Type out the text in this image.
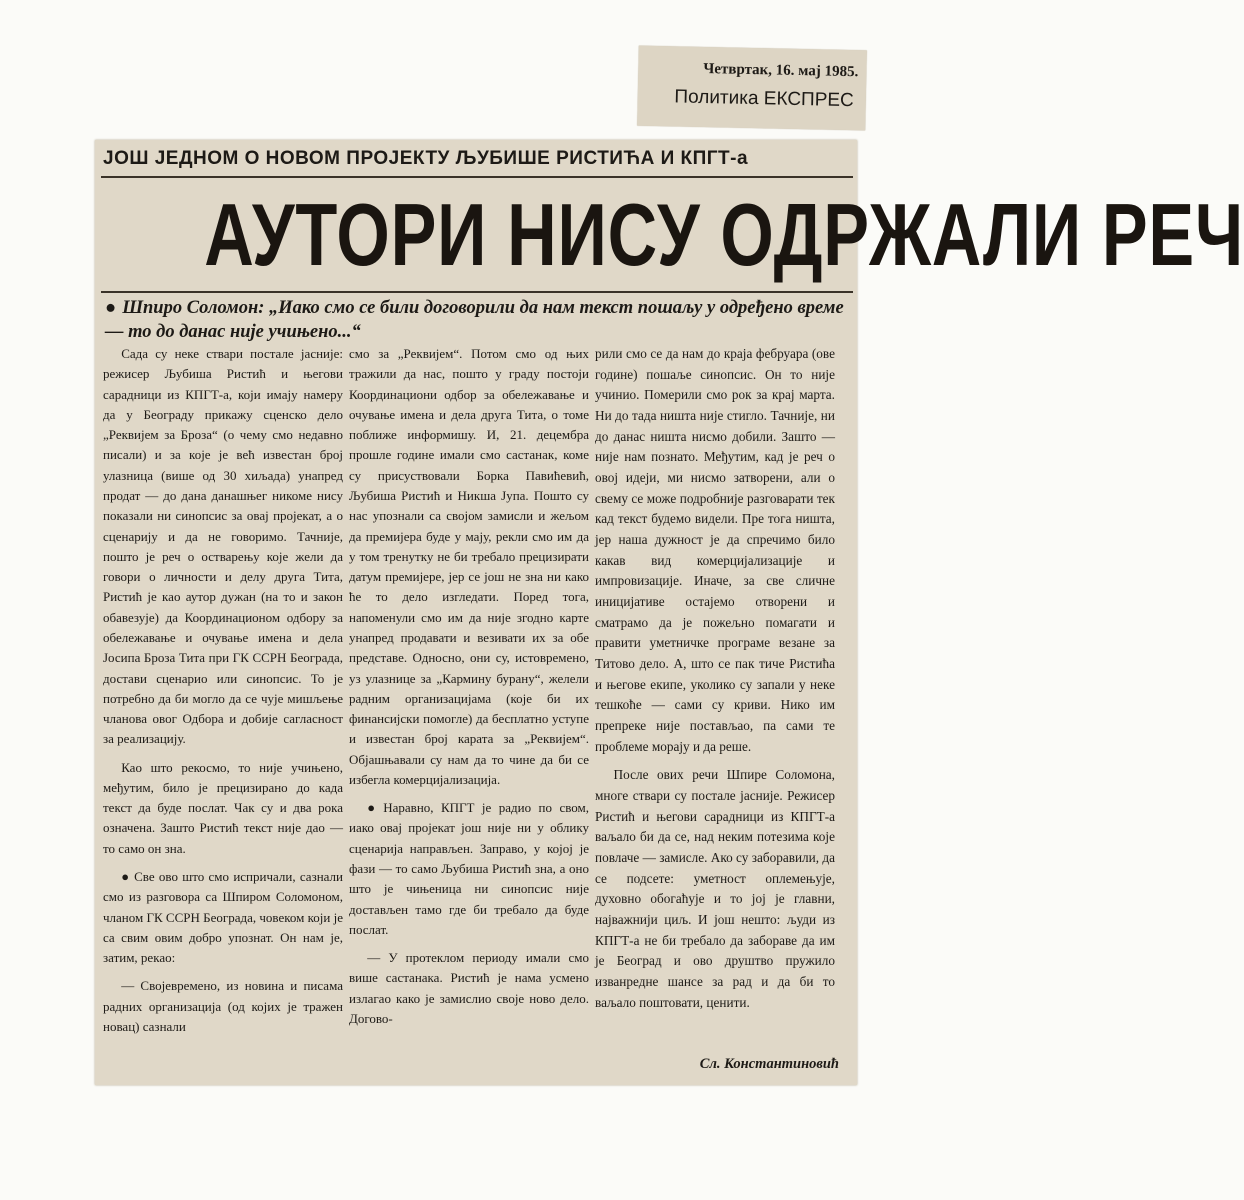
Четвртак, 16. мај 1985.
Политика ЕКСПРЕС
ЈОШ ЈЕДНОМ О НОВОМ ПРОЈЕКТУ ЉУБИШЕ РИСТИЋА И КПГТ-а
АУТОРИ НИСУ ОДРЖАЛИ РЕЧ
● Шпиро Соломон: „Иако смо се били договорили да нам текст пошаљу у одређено време — то до данас није учињено...“

Сада су неке ствари постале јасније: режисер Љубиша Ристић и његови сарадници из КПГТ-а, који имају намеру да у Београду прикажу сценско дело „Реквијем за Броза“ (о чему смо недавно писали) и за које је већ известан број улазница (више од 30 хиљада) унапред продат — до дана данашњег никоме нису показали ни синопсис за овај пројекат, а о сценарију и да не говоримо. Тачније, пошто је реч о остварењу које жели да говори о личности и делу друга Тита, Ристић је као аутор дужан (на то и закон обавезује) да Координационом одбору за обележавање и очување имена и дела Јосипа Броза Тита при ГК ССРН Београда, достави сценарио или синопсис. То је потребно да би могло да се чује мишљење чланова овог Одбора и добије сагласност за реализацију.

Као што рекосмо, то није учињено, међутим, било је прецизирано до када текст да буде послат. Чак су и два рока означена. Зашто Ристић текст није дао — то само он зна.

● Све ово што смо испричали, сазнали смо из разговора са Шпиром Соломоном, чланом ГК ССРН Београда, човеком који је са свим овим добро упознат. Он нам је, затим, рекао:

— Својевремено, из новина и писама радних организација (од којих је тражен новац) сазнали

смо за „Реквијем“. Потом смо од њих тражили да нас, пошто у граду постоји Координациони одбор за обележавање и очување имена и дела друга Тита, о томе поближе информишу. И, 21. децембра прошле године имали смо састанак, коме су присуствовали Борка Павићевић, Љубиша Ристић и Никша Јупа. Пошто су нас упознали са својом замисли и жељом да премијера буде у мају, рекли смо им да у том тренутку не би требало прецизирати датум премијере, јер се још не зна ни како ће то дело изгледати. Поред тога, напоменули смо им да није згодно карте унапред продавати и везивати их за обе представе. Односно, они су, истовремено, уз улазнице за „Кармину бурану“, желели радним организацијама (које би их финансијски помогле) да бесплатно уступе и известан број карата за „Реквијем“. Објашњавали су нам да то чине да би се избегла комерцијализација.

● Наравно, КПГТ је радио по свом, иако овај пројекат још није ни у облику сценарија направљен. Заправо, у којој је фази — то само Љубиша Ристић зна, а оно што је чињеница ни синопсис није достављен тамо где би требало да буде послат.

— У протеклом периоду имали смо више састанака. Ристић је нама усмено излагао како је замислио своје ново дело. Догово-

рили смо се да нам до краја фебруара (ове године) пошаље синопсис. Он то није учинио. Померили смо рок за крај марта. Ни до тада ништа није стигло. Тачније, ни до данас ништа нисмо добили. Зашто — није нам познато. Међутим, кад је реч о овој идеји, ми нисмо затворени, али о свему се може подробније разговарати тек кад текст будемо видели. Пре тога ништа, јер наша дужност је да спречимо било какав вид комерцијализације и импровизације. Иначе, за све сличне иницијативе остајемо отворени и сматрамо да је пожељно помагати и правити уметничке програме везане за Титово дело. А, што се пак тиче Ристића и његове екипе, уколико су запали у неке тешкоће — сами су криви. Нико им препреке није постављао, па сами те проблеме морају и да реше.

После ових речи Шпире Соломона, многе ствари су постале јасније. Режисер Ристић и његови сарадници из КПГТ-а ваљало би да се, над неким потезима које повлаче — замисле. Ако су заборавили, да се подсете: уметност оплемењује, духовно обогаћује и то јој је главни, најважнији циљ. И још нешто: људи из КПГТ-а не би требало да забораве да им је Београд и ово друштво пружило изванредне шансе за рад и да би то ваљало поштовати, ценити.

Сл. Константиновић
